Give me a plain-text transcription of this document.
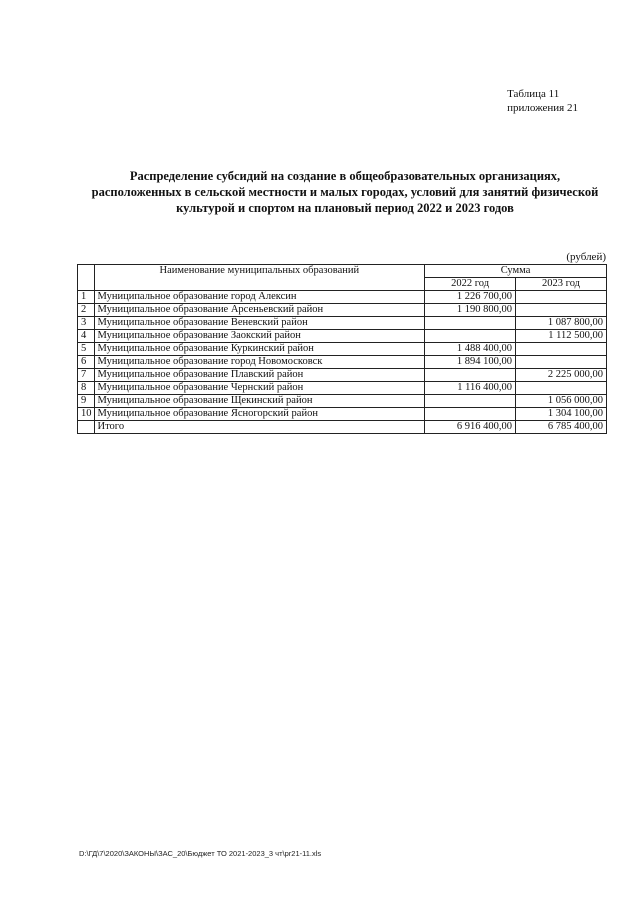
Таблица 11
приложения 21
Распределение субсидий на создание в общеобразовательных организациях,
расположенных в сельской местности и малых городах, условий для занятий физической
культурой и спортом на плановый период 2022 и 2023 годов
(рублей)
	Наименование муниципальных образований	Сумма	
		2022 год	2023 год
1	Муниципальное образование город Алексин	1 226 700,00	
2	Муниципальное образование Арсеньевский район	1 190 800,00	
3	Муниципальное образование Веневский район		1 087 800,00
4	Муниципальное образование Заокский район		1 112 500,00
5	Муниципальное образование Куркинский район	1 488 400,00	
6	Муниципальное образование город Новомосковск	1 894 100,00	
7	Муниципальное образование Плавский район		2 225 000,00
8	Муниципальное образование Чернский район	1 116 400,00	
9	Муниципальное образование Щекинский район		1 056 000,00
10	Муниципальное образование Ясногорский район		1 304 100,00
	Итого	6 916 400,00	6 785 400,00
D:\ГД\7\2020\ЗАКОНЫ\ЗАС_20\Бюджет ТО 2021-2023_3 чт\pr21-11.xls
